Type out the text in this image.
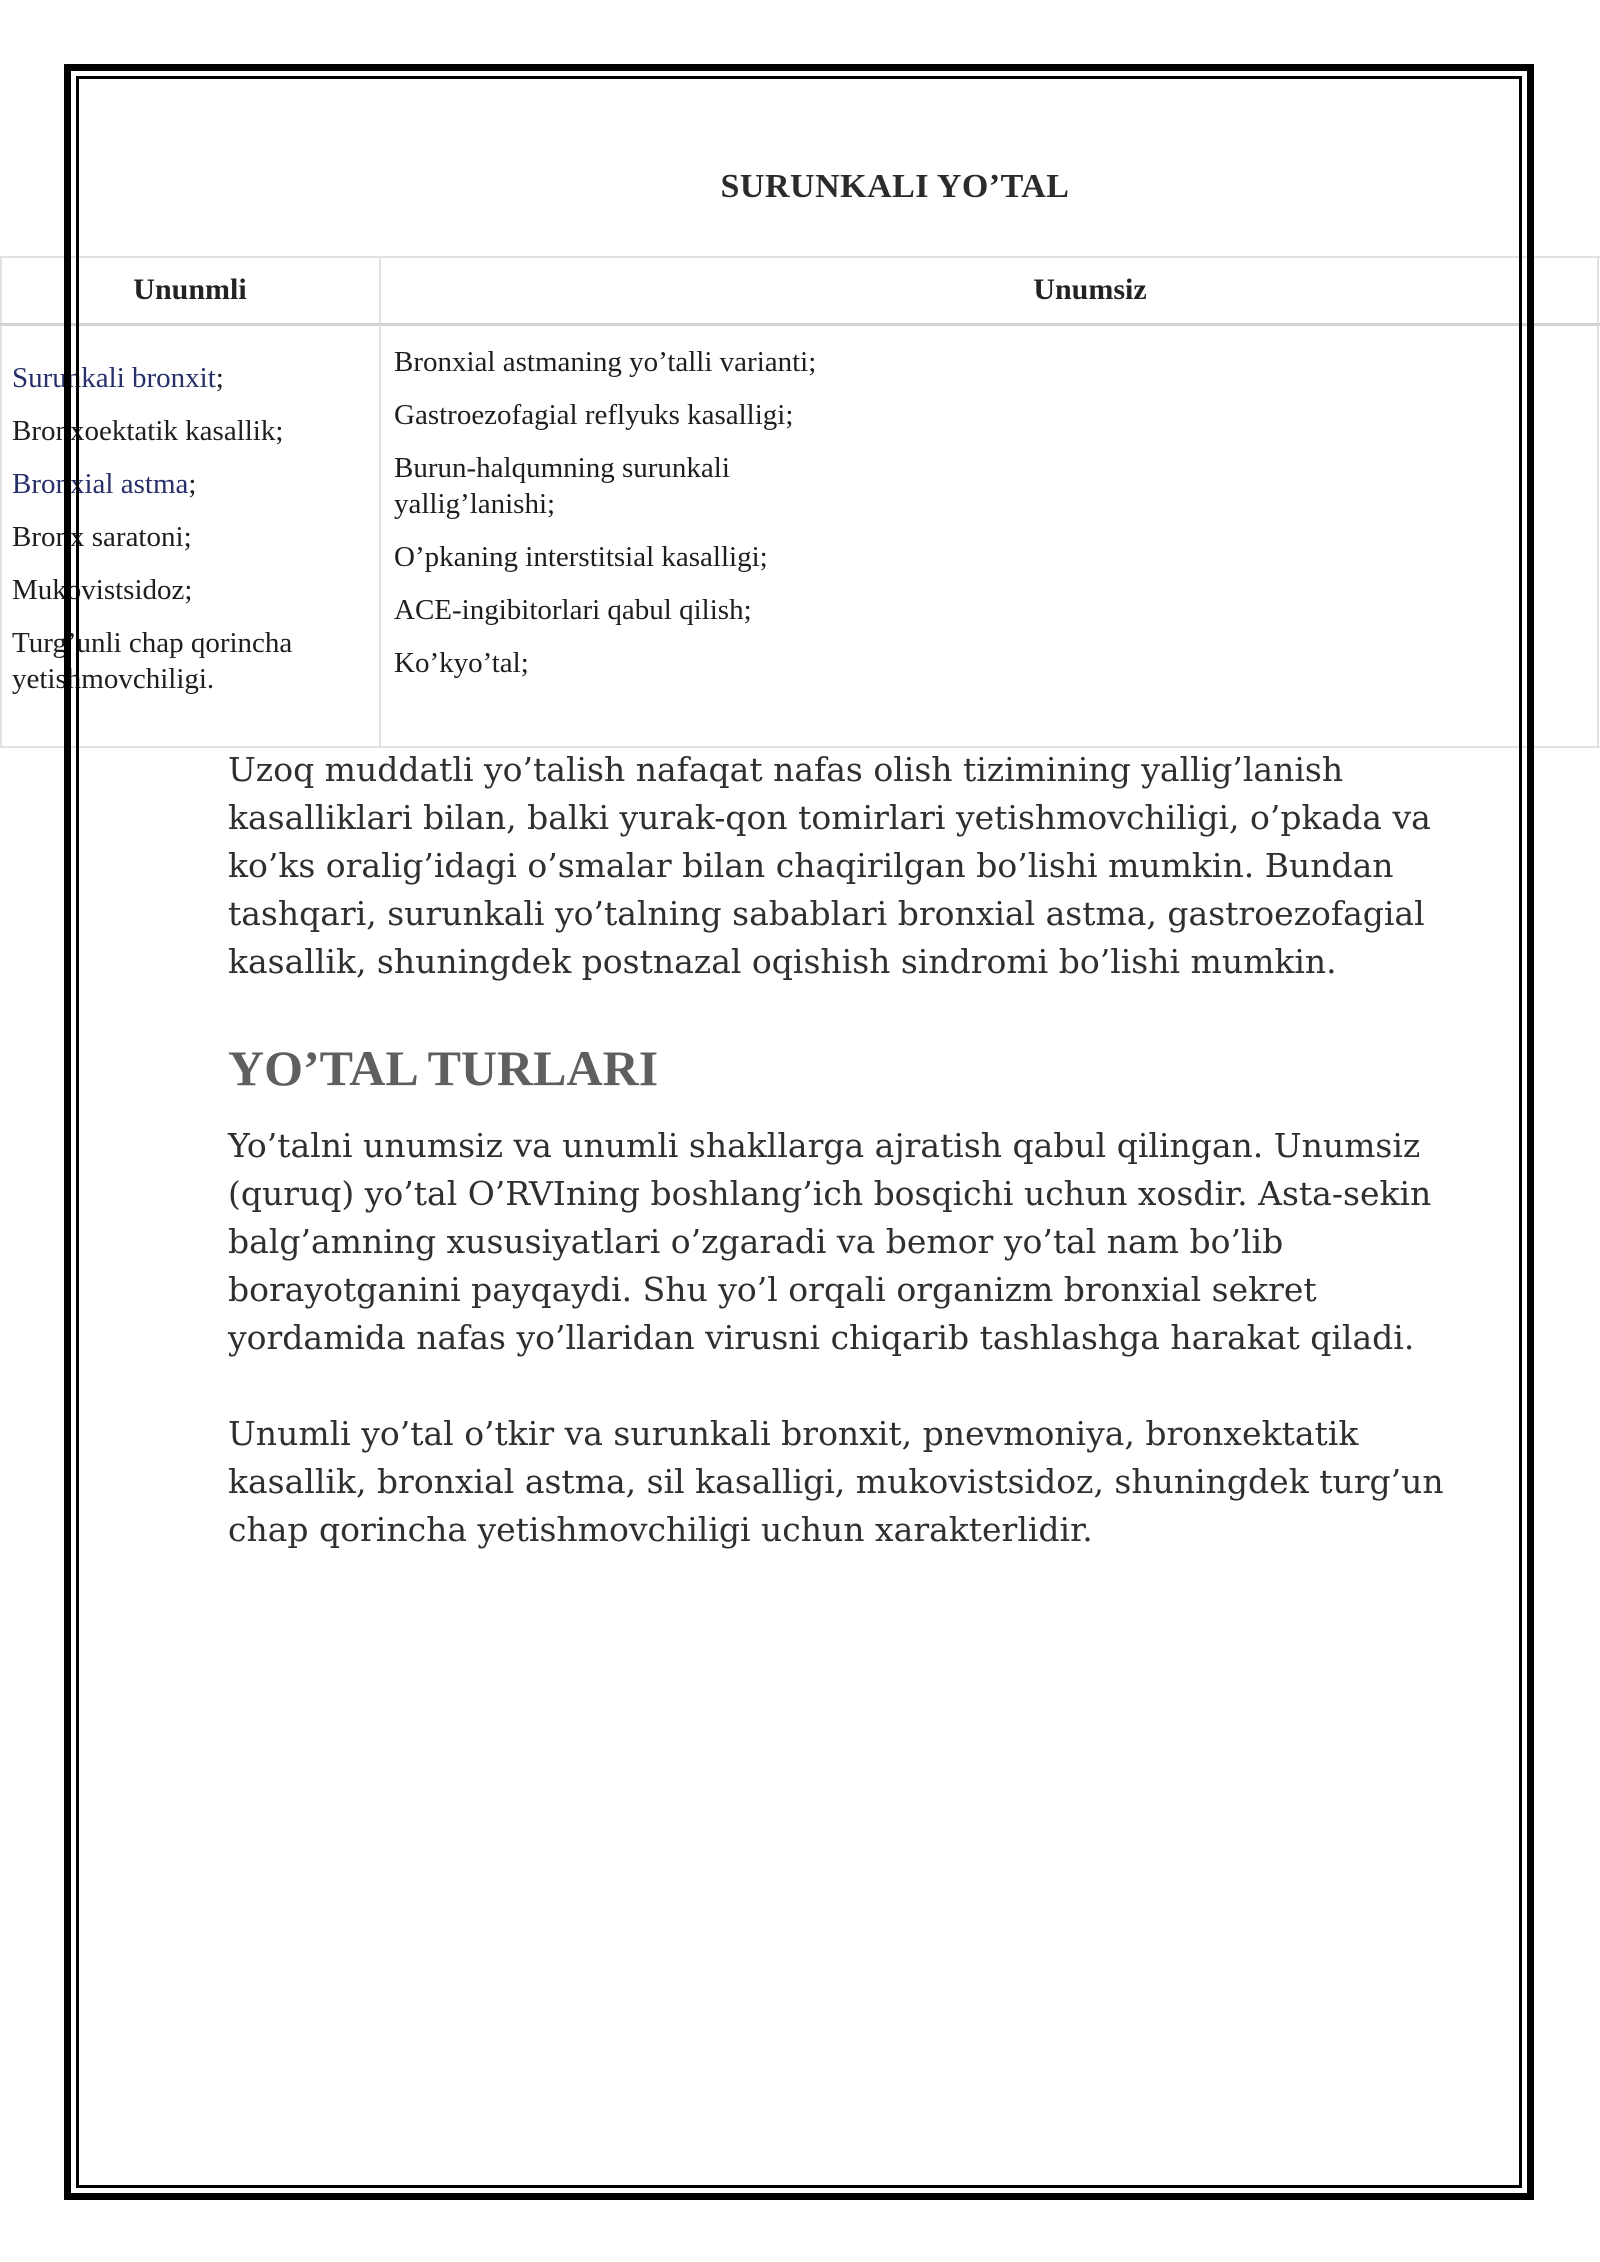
SURUNKALI YO’TAL
Ununmli	Unumsiz
Surunkali bronxit;
Bronxoektatik kasallik;
Bronxial astma;
Bronx saratoni;
Mukovistsidoz;
Turg’unli chap qorincha yetishmovchiligi.
Bronxial astmaning yo’talli varianti;
Gastroezofagial reflyuks kasalligi;
Burun-halqumning surunkali yallig’lanishi;
O’pkaning interstitsial kasalligi;
ACE-ingibitorlari qabul qilish;
Ko’kyo’tal;

Uzoq muddatli yo’talish nafaqat nafas olish tizimining yallig’lanish kasalliklari bilan, balki yurak-qon tomirlari yetishmovchiligi, o’pkada va ko’ks oralig’idagi o’smalar bilan chaqirilgan bo’lishi mumkin. Bundan tashqari, surunkali yo’talning sabablari bronxial astma, gastroezofagial kasallik, shuningdek postnazal oqishish sindromi bo’lishi mumkin.

YO’TAL TURLARI

Yo’talni unumsiz va unumli shakllarga ajratish qabul qilingan. Unumsiz (quruq) yo’tal O’RVIning boshlang’ich bosqichi uchun xosdir. Asta-sekin balg’amning xususiyatlari o’zgaradi va bemor yo’tal nam bo’lib borayotganini payqaydi. Shu yo’l orqali organizm bronxial sekret yordamida nafas yo’llaridan virusni chiqarib tashlashga harakat qiladi.

Unumli yo’tal o’tkir va surunkali bronxit, pnevmoniya, bronxektatik kasallik, bronxial astma, sil kasalligi, mukovistsidoz, shuningdek turg’un chap qorincha yetishmovchiligi uchun xarakterlidir.
